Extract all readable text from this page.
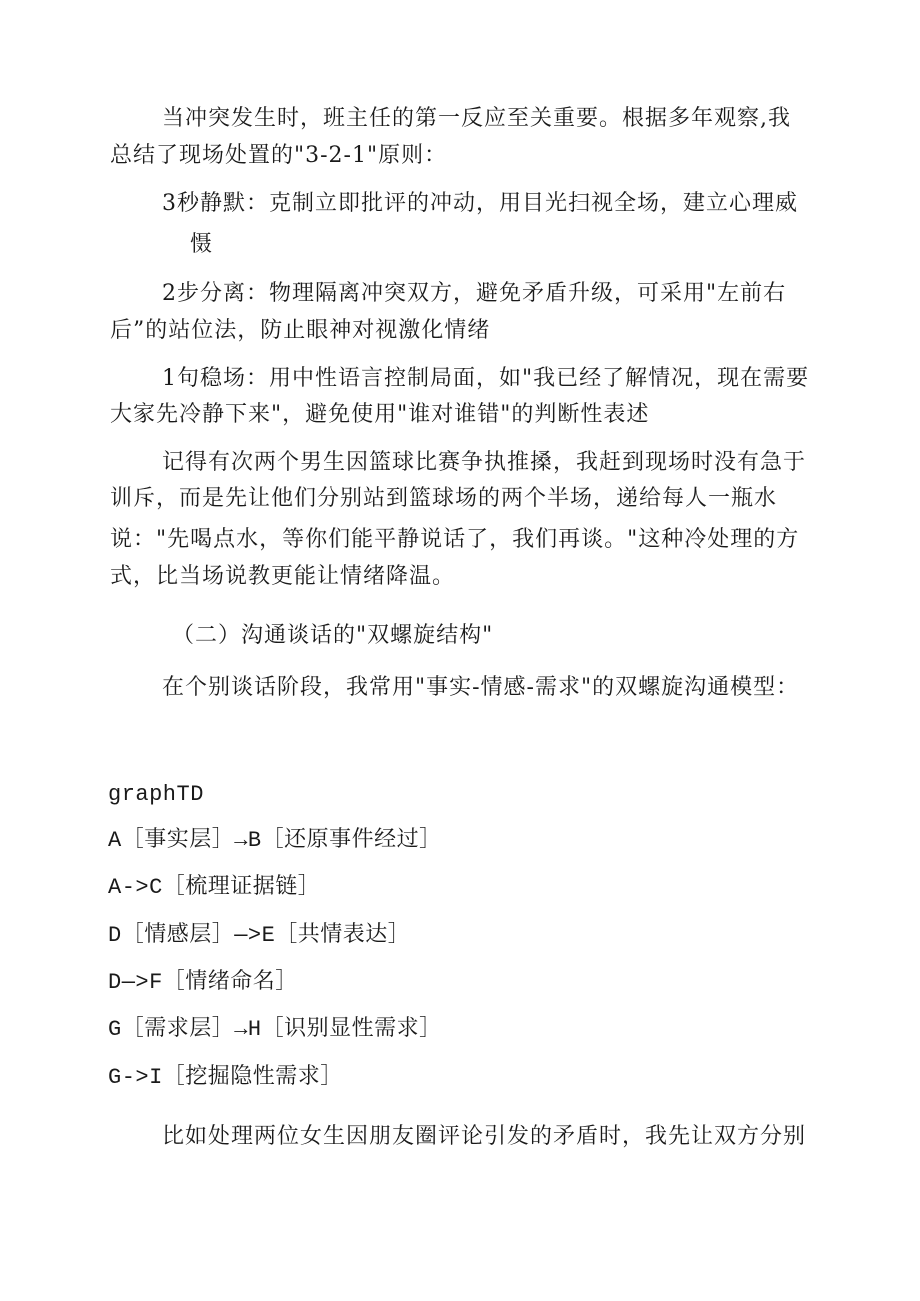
当冲突发生时，班主任的第一反应至关重要。根据多年观察,我
总结了现场处置的"3-2-1"原则：
3秒静默：克制立即批评的冲动，用目光扫视全场，建立心理威
慑
2步分离：物理隔离冲突双方，避免矛盾升级，可采用"左前右
后”的站位法，防止眼神对视激化情绪
1句稳场：用中性语言控制局面，如"我已经了解情况，现在需要
大家先冷静下来"，避免使用"谁对谁错"的判断性表述
记得有次两个男生因篮球比赛争执推搡，我赶到现场时没有急于
训斥，而是先让他们分别站到篮球场的两个半场，递给每人一瓶水
说："先喝点水，等你们能平静说话了，我们再谈。"这种冷处理的方
式，比当场说教更能让情绪降温。
（二）沟通谈话的"双螺旋结构"
在个别谈话阶段，我常用"事实-情感-需求"的双螺旋沟通模型：
graphTD
A［事实层］→B［还原事件经过］
A->C［梳理证据链］
D［情感层］—>E［共情表达］
D—>F［情绪命名］
G［需求层］→H［识别显性需求］
G->I［挖掘隐性需求］
比如处理两位女生因朋友圈评论引发的矛盾时，我先让双方分别
